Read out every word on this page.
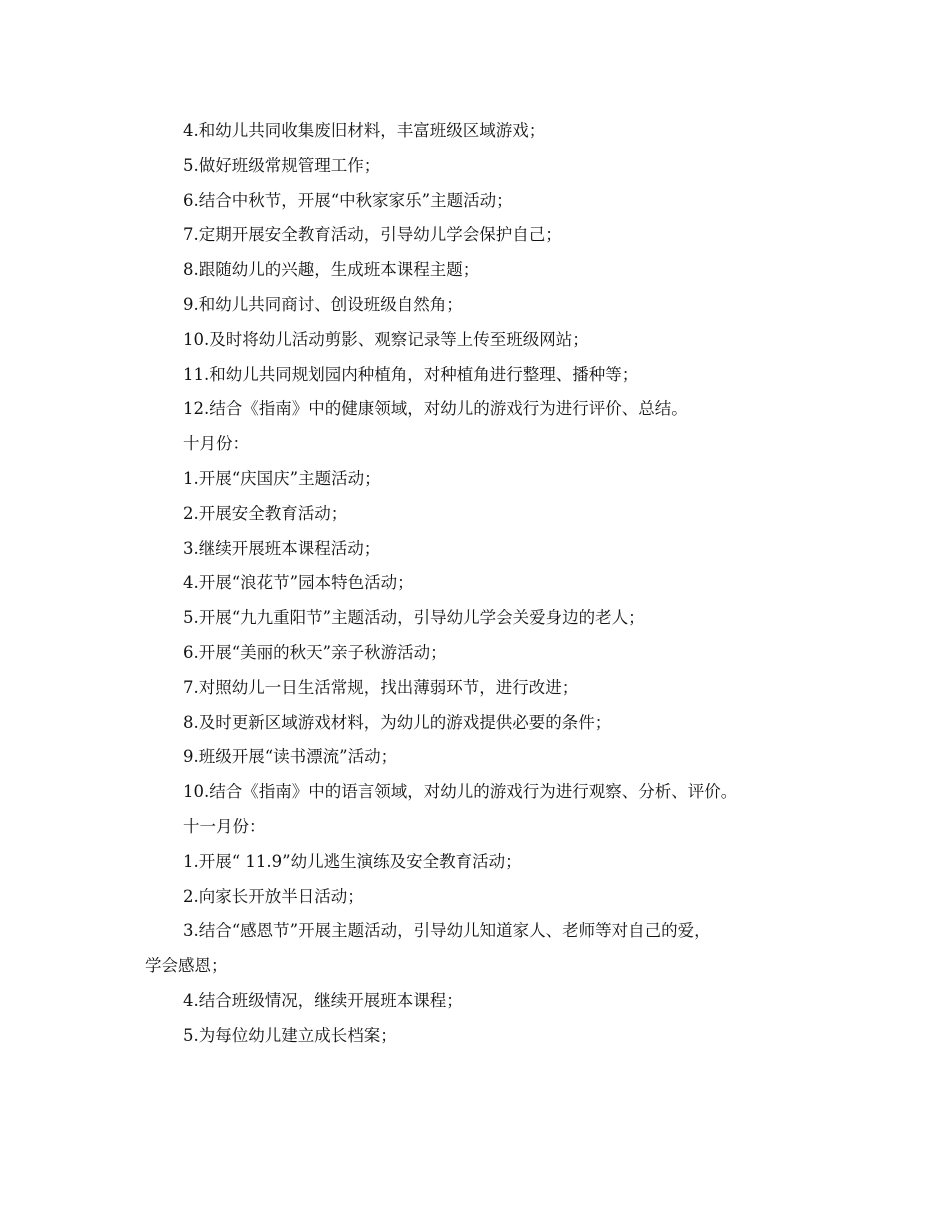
4.和幼儿共同收集废旧材料，丰富班级区域游戏；
5.做好班级常规管理工作；
6.结合中秋节，开展“中秋家家乐”主题活动；
7.定期开展安全教育活动，引导幼儿学会保护自己；
8.跟随幼儿的兴趣，生成班本课程主题；
9.和幼儿共同商讨、创设班级自然角；
10.及时将幼儿活动剪影、观察记录等上传至班级网站；
11.和幼儿共同规划园内种植角，对种植角进行整理、播种等；
12.结合《指南》中的健康领域，对幼儿的游戏行为进行评价、总结。
十月份：
1.开展“庆国庆”主题活动；
2.开展安全教育活动；
3.继续开展班本课程活动；
4.开展“浪花节”园本特色活动；
5.开展“九九重阳节”主题活动，引导幼儿学会关爱身边的老人；
6.开展“美丽的秋天”亲子秋游活动；
7.对照幼儿一日生活常规，找出薄弱环节，进行改进；
8.及时更新区域游戏材料，为幼儿的游戏提供必要的条件；
9.班级开展“读书漂流”活动；
10.结合《指南》中的语言领域，对幼儿的游戏行为进行观察、分析、评价。
十一月份：
1.开展“ 11.9”幼儿逃生演练及安全教育活动；
2.向家长开放半日活动；
3.结合“感恩节”开展主题活动，引导幼儿知道家人、老师等对自己的爱，
学会感恩；
4.结合班级情况，继续开展班本课程；
5.为每位幼儿建立成长档案；
